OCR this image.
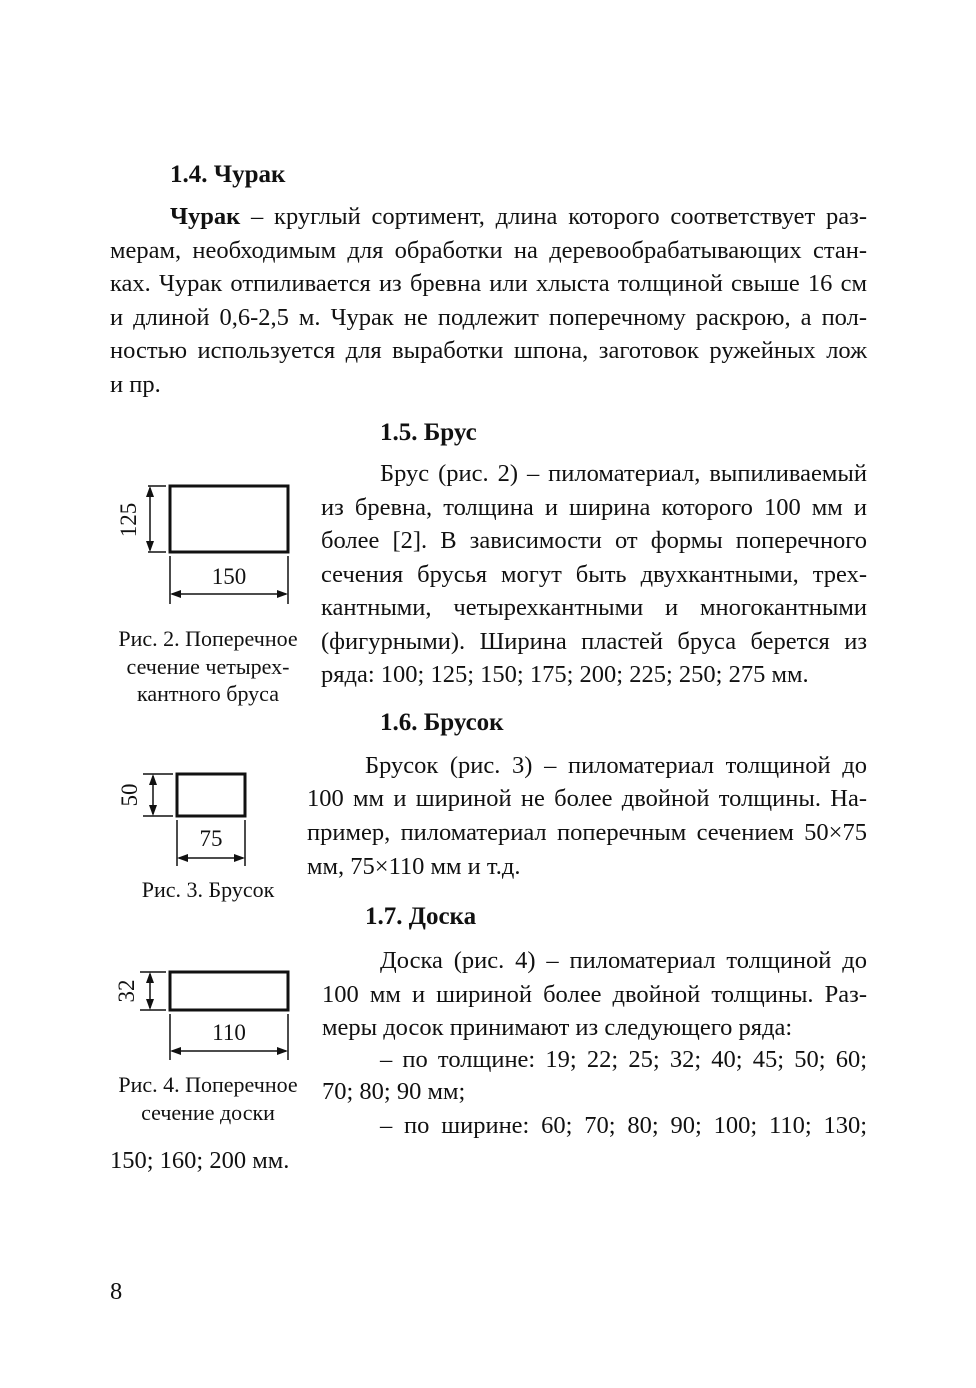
1.4. Чурак
Чурак – круглый сортимент, длина которого соответствует раз-
мерам, необходимым для обработки на деревообрабатывающих стан-
ках. Чурак отпиливается из бревна или хлыста толщиной свыше 16 см
и длиной 0,6-2,5 м. Чурак не подлежит поперечному раскрою, а пол-
ностью используется для выработки шпона, заготовок ружейных лож
и пр.
1.5. Брус
Брус (рис. 2) – пиломатериал, выпиливаемый
из бревна, толщина и ширина которого 100 мм и
более [2]. В зависимости от формы поперечного
сечения брусья могут быть двухкантными, трех-
кантными, четырехкантными и многокантными
(фигурными). Ширина пластей бруса берется из
ряда: 100; 125; 150; 175; 200; 225; 250; 275 мм.
125
150
Рис. 2. Поперечное
сечение четырех-
кантного бруса
1.6. Брусок
Брусок (рис. 3) – пиломатериал толщиной до
100 мм и шириной не более двойной толщины. На-
пример, пиломатериал поперечным сечением 50×75
мм, 75×110 мм и т.д.
50
75
Рис. 3. Брусок
1.7. Доска
Доска (рис. 4) – пиломатериал толщиной до
100 мм и шириной более двойной толщины. Раз-
меры досок принимают из следующего ряда:
– по толщине: 19; 22; 25; 32; 40; 45; 50; 60;
70; 80; 90 мм;
– по ширине: 60; 70; 80; 90; 100; 110; 130;
150; 160; 200 мм.
32
110
Рис. 4. Поперечное
сечение доски
8
